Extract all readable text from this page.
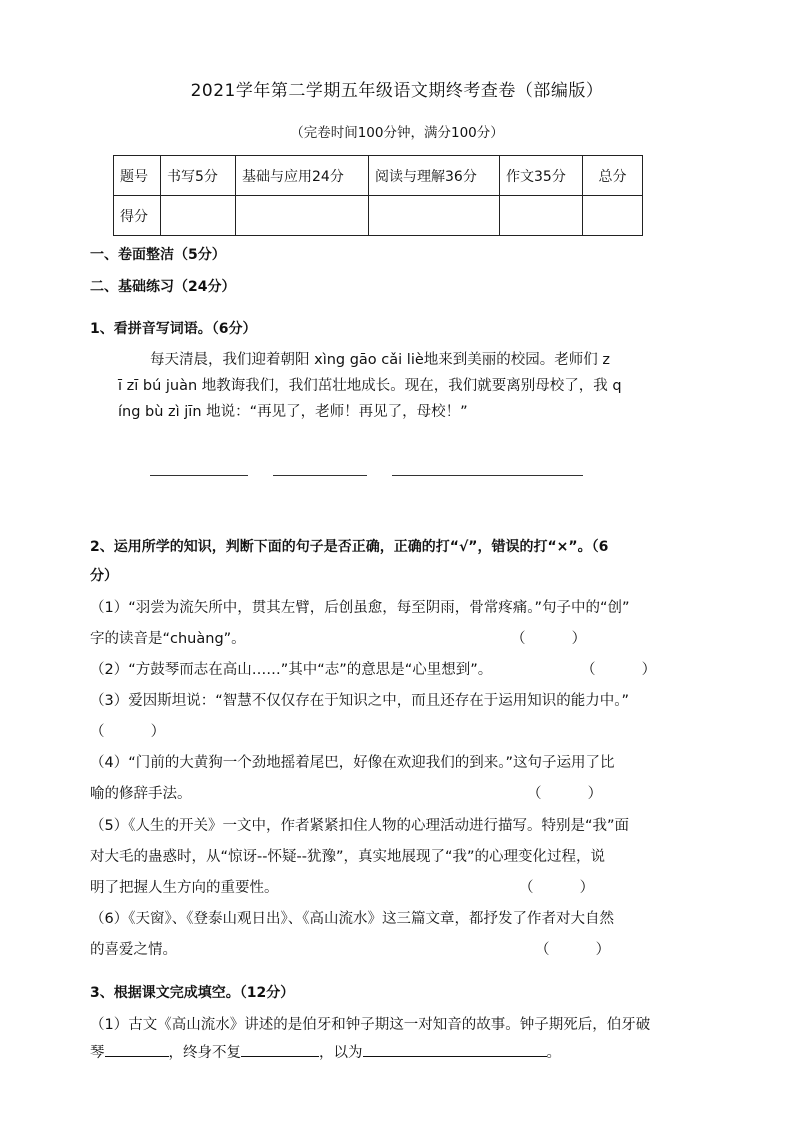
2021学年第二学期五年级语文期终考查卷（部编版）
（完卷时间100分钟，满分100分）
题号	书写5分	基础与应用24分	阅读与理解36分	作文35分	总分
得分					
一、卷面整洁（5分）
二、基础练习（24分）
1、看拼音写词语。（6分）
每天清晨，我们迎着朝阳 xìng gāo cǎi liè地来到美丽的校园。老师们 z
ī zī bú juàn 地教诲我们，我们茁壮地成长。现在，我们就要离别母校了，我 q
íng bù zì jīn 地说：“再见了，老师！再见了，母校！”
2、运用所学的知识，判断下面的句子是否正确，正确的打“√”，错误的打“×”。（6
分）
（1）“羽尝为流矢所中，贯其左臂，后创虽愈，每至阴雨，骨常疼痛。”句子中的“创”
字的读音是“chuàng”。	（          ）
（2）“方鼓琴而志在高山……”其中“志”的意思是“心里想到”。	（          ）
（3）爱因斯坦说：“智慧不仅仅存在于知识之中，而且还存在于运用知识的能力中。”
（          ）
（4）“门前的大黄狗一个劲地摇着尾巴，好像在欢迎我们的到来。”这句子运用了比
喻的修辞手法。	（          ）
（5）《人生的开关》一文中，作者紧紧扣住人物的心理活动进行描写。特别是“我”面
对大毛的蛊惑时，从“惊讶--怀疑--犹豫”，真实地展现了“我”的心理变化过程，说
明了把握人生方向的重要性。	（          ）
（6）《天窗》、《登泰山观日出》、《高山流水》这三篇文章，都抒发了作者对大自然
的喜爱之情。	（          ）
3、根据课文完成填空。（12分）
（1）古文《高山流水》讲述的是伯牙和钟子期这一对知音的故事。钟子期死后，伯牙破
琴	，终身不复	，以为	。
